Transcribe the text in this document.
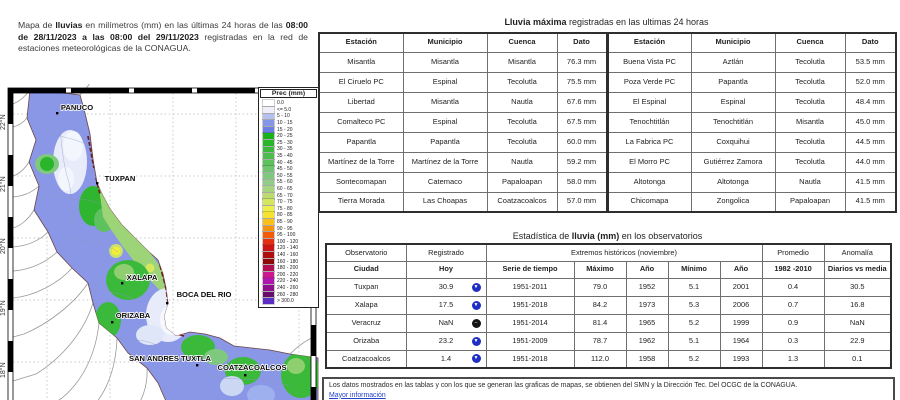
Mapa de lluvias en milímetros (mm) en las últimas 24 horas de las 08:00 de 28/11/2023 a las 08:00 del 29/11/2023 registradas en la red de estaciones meteorológicas de la CONAGUA.
22°N
21°N
20°N
19°N
18°N
PANUCO
TUXPAN
XALAPA
BOCA DEL RIO
ORIZABA
SAN ANDRES TUXTLA
COATZACOALCOS
Prec (mm)
0.0
<= 5.0
5 - 10
10 - 15
15 - 20
20 - 25
25 - 30
30 - 35
35 - 40
40 - 45
45 - 50
50 - 55
55 - 60
60 - 65
65 - 70
70 - 75
75 - 80
80 - 85
85 - 90
90 - 95
95 - 100
100 - 120
120 - 140
140 - 160
160 - 180
180 - 200
200 - 220
220 - 240
240 - 260
260 - 280
> 300.0
Lluvia máxima registradas en las ultimas 24 horas
Estación	Municipio	Cuenca	Dato	Estación	Municipio	Cuenca	Dato
Misantla	Misantla	Misantla	76.3 mm	Buena Vista PC	Aztlán	Tecolutla	53.5 mm
El Ciruelo PC	Espinal	Tecolutla	75.5 mm	Poza Verde PC	Papantla	Tecolutla	52.0 mm
Libertad	Misantla	Nautla	67.6 mm	El Espinal	Espinal	Tecolutla	48.4 mm
Comalteco PC	Espinal	Tecolutla	67.5 mm	Tenochtitlán	Tenochtitlán	Misantla	45.0 mm
Papantla	Papantla	Tecolutla	60.0 mm	La Fabrica PC	Coxquihui	Tecolutla	44.5 mm
Martínez de la Torre	Martínez de la Torre	Nautla	59.2 mm	El Morro PC	Gutiérrez Zamora	Tecolutla	44.0 mm
Sontecomapan	Catemaco	Papaloapan	58.0 mm	Altotonga	Altotonga	Nautla	41.5 mm
Tierra Morada	Las Choapas	Coatzacoalcos	57.0 mm	Chicomapa	Zongolica	Papaloapan	41.5 mm
Estadística de lluvia (mm) en los observatorios
Observatorio	Registrado	Extremos históricos (noviembre)					Promedio	Anomalía
Ciudad	Hoy	Serie de tiempo	Máximo	Año	Mínimo	Año	1982 -2010	Diarios vs media
Tuxpan	30.9 ▼	1951-2011	79.0	1952	5.1	2001	0.4	30.5
Xalapa	17.5 ▼	1951-2018	84.2	1973	5.3	2006	0.7	16.8
Veracruz	NaN –	1951-2014	81.4	1965	5.2	1999	0.9	NaN
Orizaba	23.2 ▼	1951-2009	78.7	1962	5.1	1964	0.3	22.9
Coatzacoalcos	1.4 ▼	1951-2018	112.0	1958	5.2	1993	1.3	0.1
Los datos mostrados en las tablas y con los que se generan las graficas de mapas, se obtienen del SMN y la Dirección Tec. Del OCGC de la CONAGUA.
Mayor información
